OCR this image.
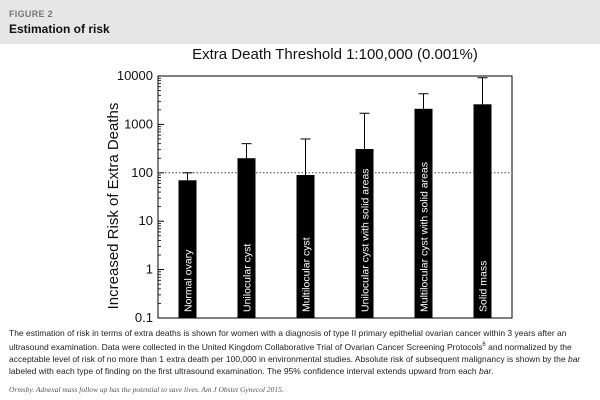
FIGURE 2
Estimation of risk
Extra Death Threshold 1:100,000 (0.001%)
Increased Risk of Extra Deaths
0.1
1
10
100
1000
10000
Normal ovary	Unilocular cyst	Multilocular cyst	Unilocular cyst with solid areas	Multilocular cyst with solid areas	Solid mass
The estimation of risk in terms of extra deaths is shown for women with a diagnosis of type II primary epithelial ovarian cancer within 3 years after an ultrasound examination. Data were collected in the United Kingdom Collaborative Trial of Ovarian Cancer Screening Protocols$^6$ and normalized by the acceptable level of risk of no more than 1 extra death per 100,000 in environmental studies. Absolute risk of subsequent malignancy is shown by the bar labeled with each type of finding on the first ultrasound examination. The 95% confidence interval extends upward from each bar.
Ormsby. Adnexal mass follow up has the potential to save lives. Am J Obstet Gynecol 2015.
